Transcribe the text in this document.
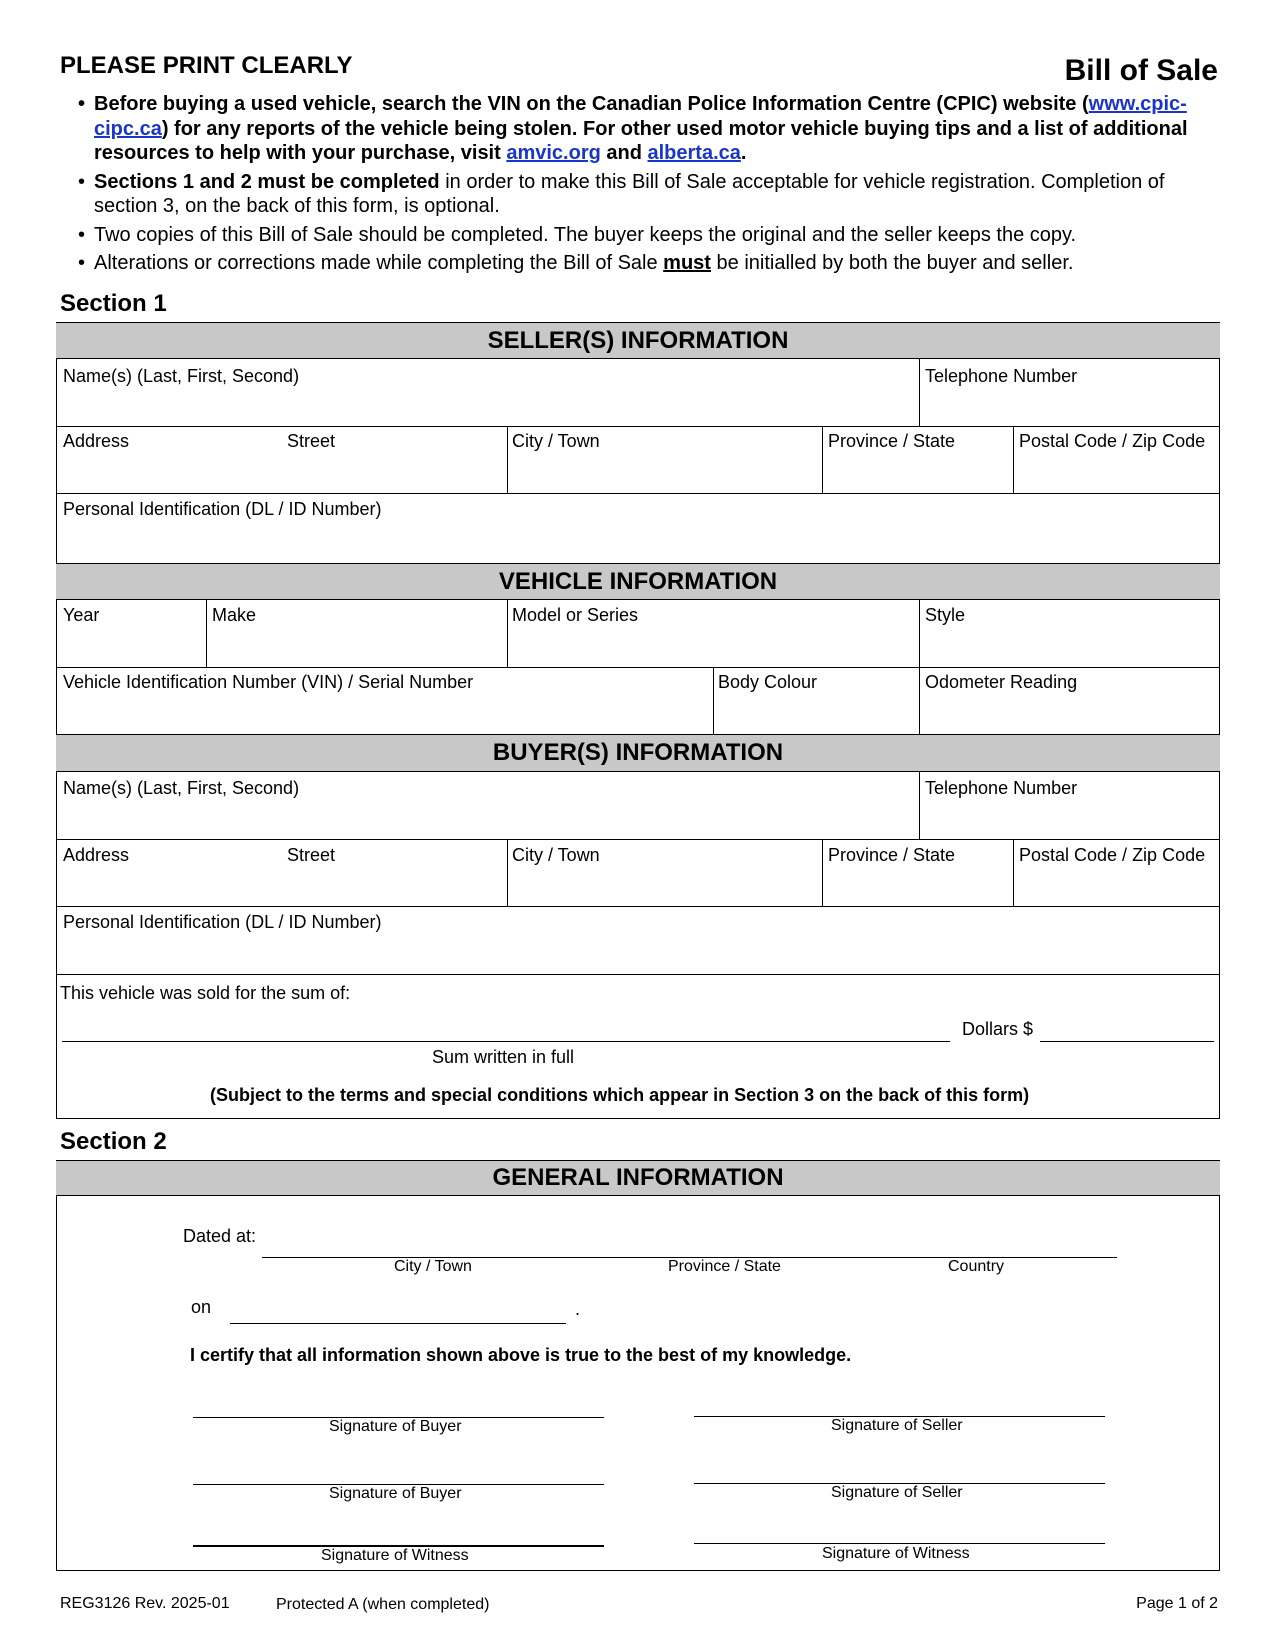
PLEASE PRINT CLEARLY	Bill of Sale
• Before buying a used vehicle, search the VIN on the Canadian Police Information Centre (CPIC) website (www.cpic-cipc.ca) for any reports of the vehicle being stolen. For other used motor vehicle buying tips and a list of additional resources to help with your purchase, visit amvic.org and alberta.ca.
• Sections 1 and 2 must be completed in order to make this Bill of Sale acceptable for vehicle registration. Completion of section 3, on the back of this form, is optional.
• Two copies of this Bill of Sale should be completed. The buyer keeps the original and the seller keeps the copy.
• Alterations or corrections made while completing the Bill of Sale must be initialled by both the buyer and seller.
Section 1
SELLER(S) INFORMATION
Name(s) (Last, First, Second)	Telephone Number
Address	Street	City / Town	Province / State	Postal Code / Zip Code
Personal Identification (DL / ID Number)
VEHICLE INFORMATION
Year	Make	Model or Series	Style
Vehicle Identification Number (VIN) / Serial Number	Body Colour	Odometer Reading
BUYER(S) INFORMATION
Name(s) (Last, First, Second)	Telephone Number
Address	Street	City / Town	Province / State	Postal Code / Zip Code
Personal Identification (DL / ID Number)
This vehicle was sold for the sum of:
Dollars $
Sum written in full
(Subject to the terms and special conditions which appear in Section 3 on the back of this form)
Section 2
GENERAL INFORMATION
Dated at:
City / Town	Province / State	Country
on	.
I certify that all information shown above is true to the best of my knowledge.
Signature of Buyer	Signature of Seller
Signature of Buyer	Signature of Seller
Signature of Witness	Signature of Witness
REG3126 Rev. 2025-01	Protected A (when completed)	Page 1 of 2
